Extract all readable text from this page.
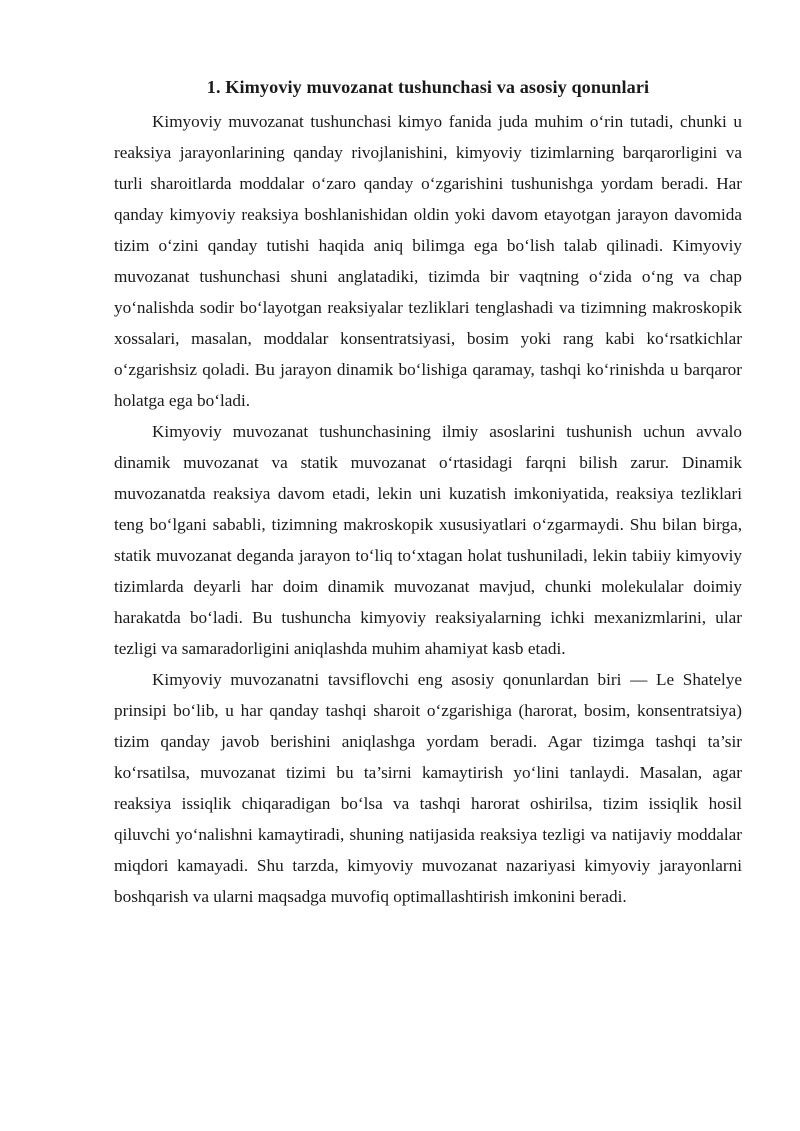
1. Kimyoviy muvozanat tushunchasi va asosiy qonunlari

Kimyoviy muvozanat tushunchasi kimyo fanida juda muhim o‘rin tutadi, chunki u reaksiya jarayonlarining qanday rivojlanishini, kimyoviy tizimlarning barqarorligini va turli sharoitlarda moddalar o‘zaro qanday o‘zgarishini tushunishga yordam beradi. Har qanday kimyoviy reaksiya boshlanishidan oldin yoki davom etayotgan jarayon davomida tizim o‘zini qanday tutishi haqida aniq bilimga ega bo‘lish talab qilinadi. Kimyoviy muvozanat tushunchasi shuni anglatadiki, tizimda bir vaqtning o‘zida o‘ng va chap yo‘nalishda sodir bo‘layotgan reaksiyalar tezliklari tenglashadi va tizimning makroskopik xossalari, masalan, moddalar konsentratsiyasi, bosim yoki rang kabi ko‘rsatkichlar o‘zgarishsiz qoladi. Bu jarayon dinamik bo‘lishiga qaramay, tashqi ko‘rinishda u barqaror holatga ega bo‘ladi.

Kimyoviy muvozanat tushunchasining ilmiy asoslarini tushunish uchun avvalo dinamik muvozanat va statik muvozanat o‘rtasidagi farqni bilish zarur. Dinamik muvozanatda reaksiya davom etadi, lekin uni kuzatish imkoniyatida, reaksiya tezliklari teng bo‘lgani sababli, tizimning makroskopik xususiyatlari o‘zgarmaydi. Shu bilan birga, statik muvozanat deganda jarayon to‘liq to‘xtagan holat tushuniladi, lekin tabiiy kimyoviy tizimlarda deyarli har doim dinamik muvozanat mavjud, chunki molekulalar doimiy harakatda bo‘ladi. Bu tushuncha kimyoviy reaksiyalarning ichki mexanizmlarini, ular tezligi va samaradorligini aniqlashda muhim ahamiyat kasb etadi.

Kimyoviy muvozanatni tavsiflovchi eng asosiy qonunlardan biri — Le Shatelye prinsipi bo‘lib, u har qanday tashqi sharoit o‘zgarishiga (harorat, bosim, konsentratsiya) tizim qanday javob berishini aniqlashga yordam beradi. Agar tizimga tashqi ta’sir ko‘rsatilsa, muvozanat tizimi bu ta’sirni kamaytirish yo‘lini tanlaydi. Masalan, agar reaksiya issiqlik chiqaradigan bo‘lsa va tashqi harorat oshirilsa, tizim issiqlik hosil qiluvchi yo‘nalishni kamaytiradi, shuning natijasida reaksiya tezligi va natijaviy moddalar miqdori kamayadi. Shu tarzda, kimyoviy muvozanat nazariyasi kimyoviy jarayonlarni boshqarish va ularni maqsadga muvofiq optimallashtirish imkonini beradi.
